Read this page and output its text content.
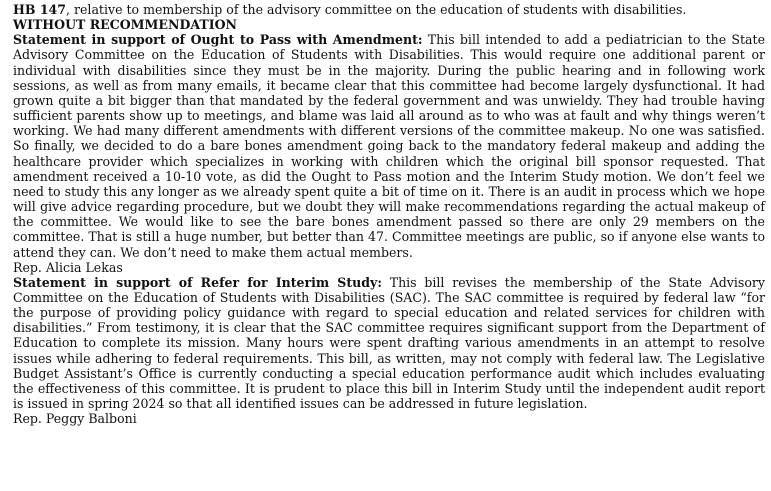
HB 147, relative to membership of the advisory committee on the education of students with disabilities.

WITHOUT RECOMMENDATION

Statement in support of Ought to Pass with Amendment: This bill intended to add a pediatrician to the State Advisory Committee on the Education of Students with Disabilities. This would require one additional parent or individual with disabilities since they must be in the majority. During the public hearing and in following work sessions, as well as from many emails, it became clear that this committee had become largely dysfunctional. It had grown quite a bit bigger than that mandated by the federal government and was unwieldy. They had trouble having sufficient parents show up to meetings, and blame was laid all around as to who was at fault and why things weren’t working. We had many different amendments with different versions of the committee makeup. No one was satisfied. So finally, we decided to do a bare bones amendment going back to the mandatory federal makeup and adding the healthcare provider which specializes in working with children which the original bill sponsor requested. That amendment received a 10-10 vote, as did the Ought to Pass motion and the Interim Study motion. We don’t feel we need to study this any longer as we already spent quite a bit of time on it. There is an audit in process which we hope will give advice regarding procedure, but we doubt they will make recommendations regarding the actual makeup of the committee. We would like to see the bare bones amendment passed so there are only 29 members on the committee. That is still a huge number, but better than 47. Committee meetings are public, so if anyone else wants to attend they can. We don’t need to make them actual members.

Rep. Alicia Lekas

Statement in support of Refer for Interim Study: This bill revises the membership of the State Advisory Committee on the Education of Students with Disabilities (SAC). The SAC committee is required by federal law “for the purpose of providing policy guidance with regard to special education and related services for children with disabilities.” From testimony, it is clear that the SAC committee requires significant support from the Department of Education to complete its mission. Many hours were spent drafting various amendments in an attempt to resolve issues while adhering to federal requirements. This bill, as written, may not comply with federal law. The Legislative Budget Assistant’s Office is currently conducting a special education performance audit which includes evaluating the effectiveness of this committee. It is prudent to place this bill in Interim Study until the independent audit report is issued in spring 2024 so that all identified issues can be addressed in future legislation.

Rep. Peggy Balboni
